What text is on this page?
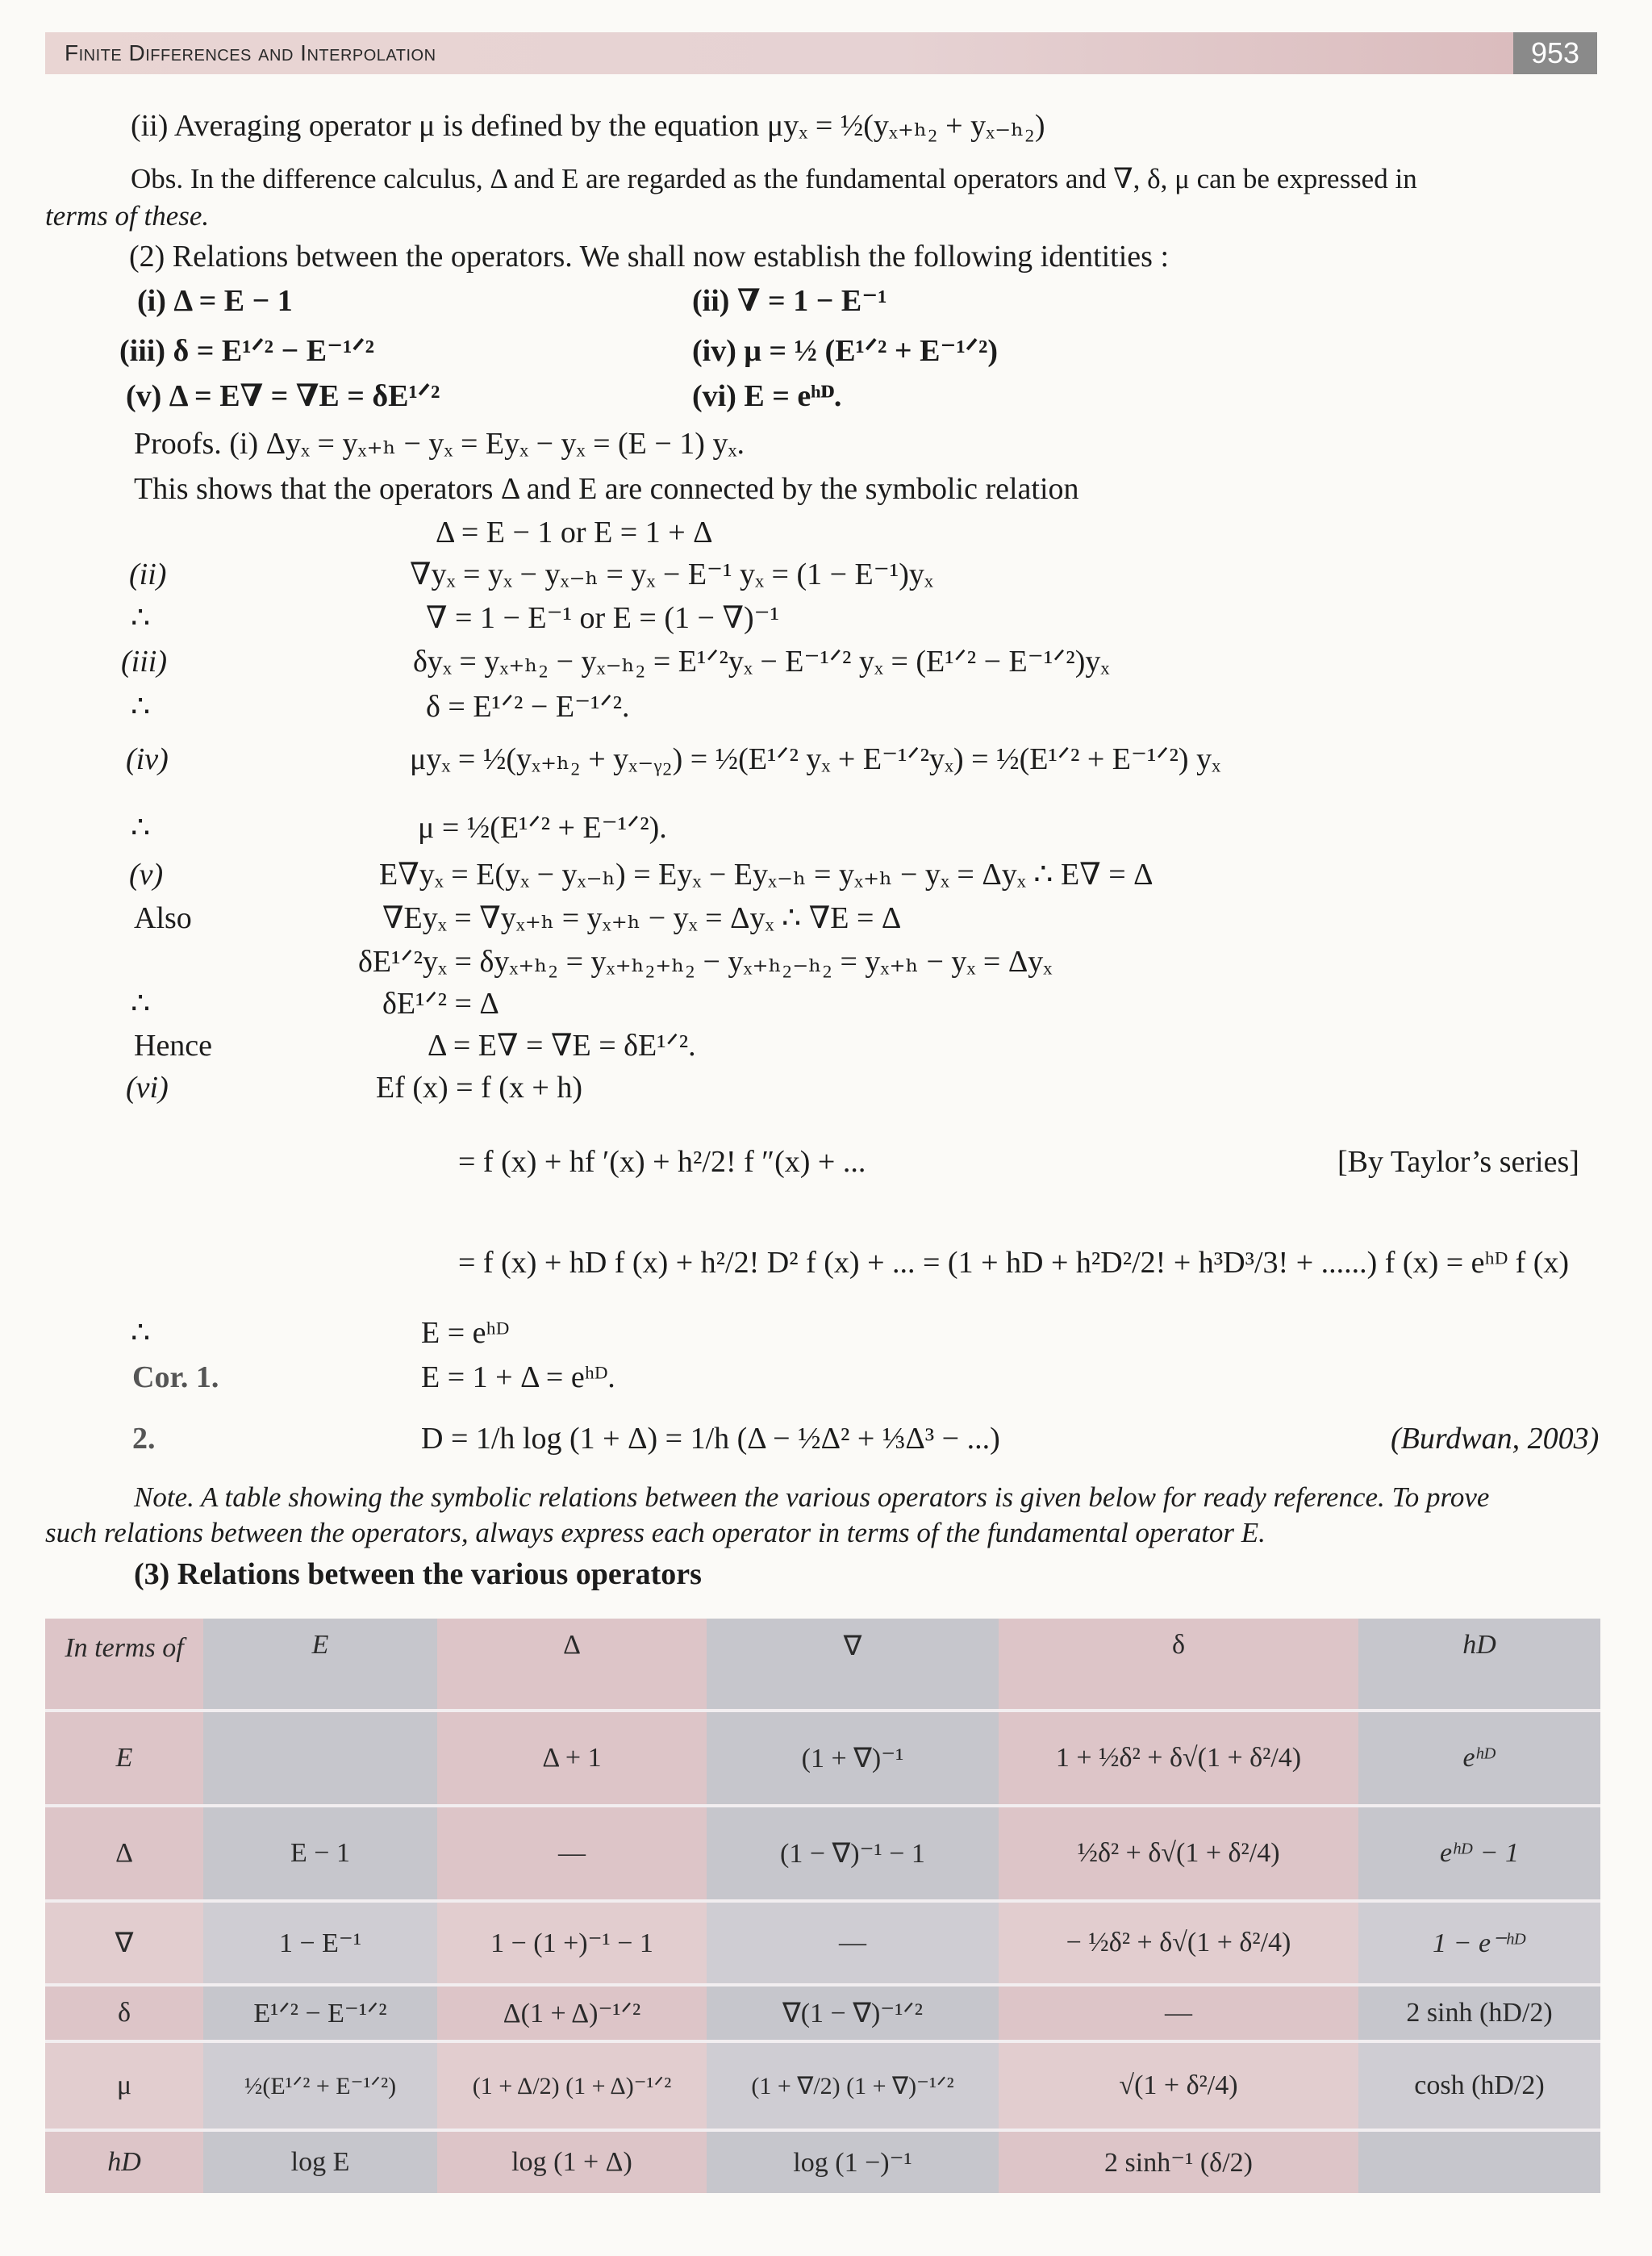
Finite Differences and Interpolation	953
(ii) Averaging operator μ is defined by the equation μyₓ = ½(yₓ₊ₕ₂ + yₓ₋ₕ₂)
Obs. In the difference calculus, Δ and E are regarded as the fundamental operators and ∇, δ, μ can be expressed in
terms of these.
(2) Relations between the operators. We shall now establish the following identities :
(i) Δ = E − 1	(ii) ∇ = 1 − E⁻¹
(iii) δ = E¹ᐟ² − E⁻¹ᐟ²	(iv) μ = ½ (E¹ᐟ² + E⁻¹ᐟ²)
(v) Δ = E∇ = ∇E = δE¹ᐟ²	(vi) E = eʰᴰ.
Proofs. (i) Δyₓ = yₓ₊ₕ − yₓ = Eyₓ − yₓ = (E − 1) yₓ.
This shows that the operators Δ and E are connected by the symbolic relation
Δ = E − 1 or E = 1 + Δ
(ii)	∇yₓ = yₓ − yₓ₋ₕ = yₓ − E⁻¹ yₓ = (1 − E⁻¹)yₓ
∴	∇ = 1 − E⁻¹ or E = (1 − ∇)⁻¹
(iii)	δyₓ = yₓ₊ₕ₂ − yₓ₋ₕ₂ = E¹ᐟ²yₓ − E⁻¹ᐟ² yₓ = (E¹ᐟ² − E⁻¹ᐟ²)yₓ
∴	δ = E¹ᐟ² − E⁻¹ᐟ².
(iv)	μyₓ = ½(yₓ₊ₕ₂ + yₓ₋ᵧ₂) = ½(E¹ᐟ² yₓ + E⁻¹ᐟ²yₓ) = ½(E¹ᐟ² + E⁻¹ᐟ²) yₓ
∴	μ = ½(E¹ᐟ² + E⁻¹ᐟ²).
(v)	E∇yₓ = E(yₓ − yₓ₋ₕ) = Eyₓ − Eyₓ₋ₕ = yₓ₊ₕ − yₓ = Δyₓ ∴ E∇ = Δ
Also	∇Eyₓ = ∇yₓ₊ₕ = yₓ₊ₕ − yₓ = Δyₓ ∴ ∇E = Δ
δE¹ᐟ²yₓ = δyₓ₊ₕ₂ = yₓ₊ₕ₂₊ₕ₂ − yₓ₊ₕ₂₋ₕ₂ = yₓ₊ₕ − yₓ = Δyₓ
∴	δE¹ᐟ² = Δ
Hence	Δ = E∇ = ∇E = δE¹ᐟ².
(vi)	Ef (x) = f (x + h)
= f (x) + hf ′(x) + h²/2! f ″(x) + ...	[By Taylor’s series]
= f (x) + hD f (x) + h²/2! D² f (x) + ... = (1 + hD + h²D²/2! + h³D³/3! + ......) f (x) = eʰᴰ f (x)
∴	E = eʰᴰ
Cor. 1.	E = 1 + Δ = eʰᴰ.
2.	D = 1/h log (1 + Δ) = 1/h (Δ − ½Δ² + ⅓Δ³ − ...)	(Burdwan, 2003)
Note. A table showing the symbolic relations between the various operators is given below for ready reference. To prove
such relations between the operators, always express each operator in terms of the fundamental operator E.
(3) Relations between the various operators
In terms of	E	Δ	∇	δ	hD
E		Δ + 1	(1 + ∇)⁻¹	1 + ½δ² + δ√(1 + δ²/4)	eʰᴰ
Δ	E − 1	—	(1 − ∇)⁻¹ − 1	½δ² + δ√(1 + δ²/4)	eʰᴰ − 1
∇	1 − E⁻¹	1 − (1 +)⁻¹ − 1	—	− ½δ² + δ√(1 + δ²/4)	1 − e⁻ʰᴰ
δ	E¹ᐟ² − E⁻¹ᐟ²	Δ(1 + Δ)⁻¹ᐟ²	∇(1 − ∇)⁻¹ᐟ²	—	2 sinh (hD/2)
μ	½(E¹ᐟ² + E⁻¹ᐟ²)	(1 + Δ/2) (1 + Δ)⁻¹ᐟ²	(1 + ∇/2) (1 + ∇)⁻¹ᐟ²	√(1 + δ²/4)	cosh (hD/2)
hD	log E	log (1 + Δ)	log (1 −)⁻¹	2 sinh⁻¹ (δ/2)	
